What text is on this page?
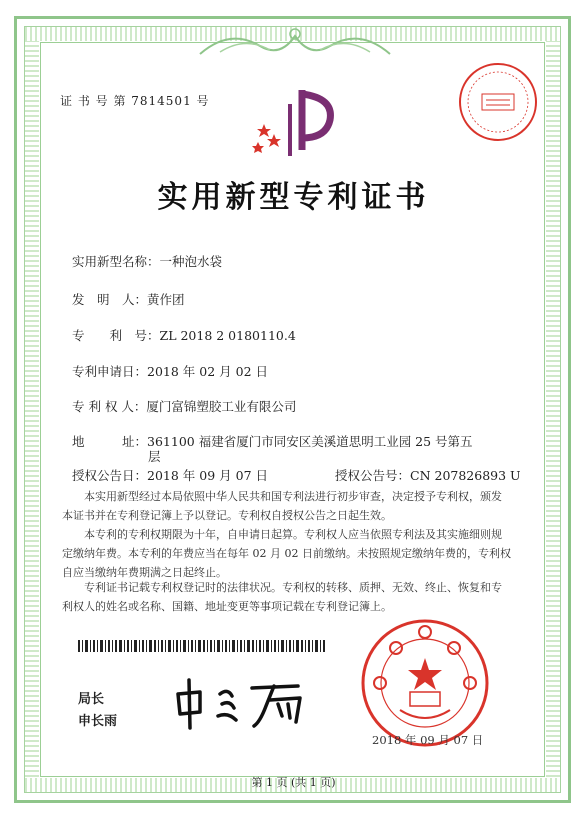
证 书 号 第 7814501 号
实用新型专利证书
实用新型名称：一种泡水袋
发　明　人：黄作团
专　　利　号：ZL 2018 2 0180110.4
专利申请日：2018 年 02 月 02 日
专 利 权 人：厦门富锦塑胶工业有限公司
地　　　址：361100 福建省厦门市同安区美溪道思明工业园 25 号第五
层
授权公告日：2018 年 09 月 07 日	授权公告号：CN 207826893 U
本实用新型经过本局依照中华人民共和国专利法进行初步审查，决定授予专利权，颁发
本证书并在专利登记簿上予以登记。专利权自授权公告之日起生效。
本专利的专利权期限为十年，自申请日起算。专利权人应当依照专利法及其实施细则规
定缴纳年费。本专利的年费应当在每年 02 月 02 日前缴纳。未按照规定缴纳年费的，专利权
自应当缴纳年费期满之日起终止。
专利证书记载专利权登记时的法律状况。专利权的转移、质押、无效、终止、恢复和专
利权人的姓名或名称、国籍、地址变更等事项记载在专利登记簿上。
局长
申长雨
2018 年 09 月 07 日
第 1 页 (共 1 页)
